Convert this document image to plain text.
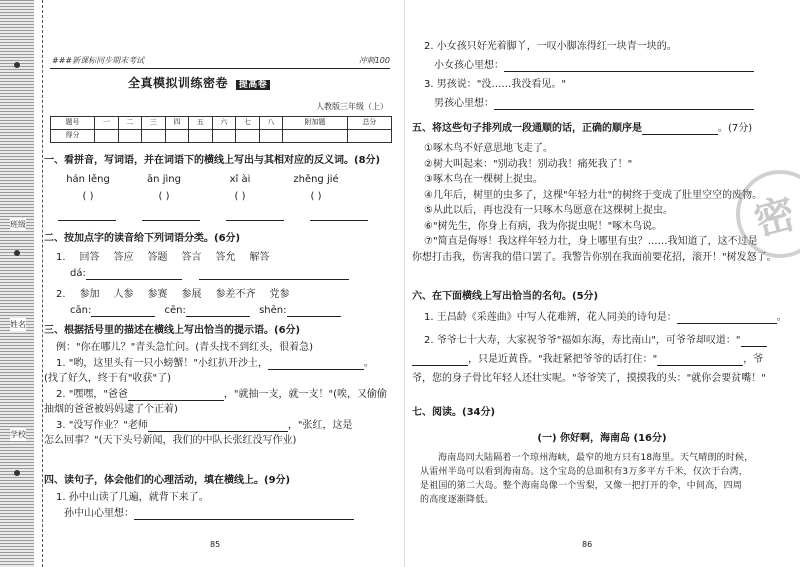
班级
姓名
学校
###新课标同步期末考试	冲刺100
全真模拟训练密卷 提高卷
人教版三年级（上）
题号	一	二	三	四	五	六	七	八	附加题	总分
得分										
一、看拼音，写词语，并在词语下的横线上写出与其相对应的反义词。(8分)
hán lěng	ān jìng	xǐ ài	zhěng jié
( )	( )	( )	( )
二、按加点字的读音给下列词语分类。(6分)
1. 回答 答应 答题 答言 答允 解答
dá:
2. 参加 人参 参赛 参展 参差不齐 党参
cān:	cēn:	shēn:
三、根据括号里的描述在横线上写出恰当的提示语。(6分)
例："你在哪儿？"青头急忙问。(青头找不到红头，很着急)
1. "哟，这里头有一只小螃蟹！"小红扒开沙土，	。
(找了好久，终于有"收获"了)
2. "嘿嘿，"爸爸	，"就抽一支，就一支！"(唉，又偷偷
抽烟的爸爸被妈妈逮了个正着)
3. "没写作业？"老师	，"张红，这是
怎么回事？"(天下头号新闻，我们的中队长张红没写作业)
四、读句子，体会他们的心理活动，填在横线上。(9分)
1. 孙中山读了几遍，就背下来了。
孙中山心里想：
85
2. 小女孩只好光着脚丫，一叹小脚冻得红一块青一块的。
小女孩心里想：
3. 男孩说："没……我没看见。"
男孩心里想：
五、将这些句子排列成一段通顺的话，正确的顺序是	。(7分)
①啄木鸟不好意思地飞走了。
②树大叫起来："别动我！别动我！痛死我了！"
③啄木鸟在一棵树上捉虫。
④几年后，树里的虫多了，这棵"年轻力壮"的树终于变成了肚里空空的废物。
⑤从此以后，再也没有一只啄木鸟愿意在这棵树上捉虫。
⑥"树先生，你身上有病，我为你捉虫呢！"啄木鸟说。
⑦"简直是侮辱！我这样年轻力壮，身上哪里有虫？……我知道了，这不过是
你想打击我，伤害我的借口罢了。我警告你别在我面前要花招，滚开！"树发怒了。
六、在下面横线上写出恰当的名句。(5分)
1. 王昌龄《采莲曲》中写人花难辨，花人同美的诗句是：	。
2. 爷爷七十大寿，大家祝爷爷"福如东海，寿比南山"，可爷爷却叹道："
，只是近黄昏。"我赶紧把爷爷的话打住："	，爷
爷，您的身子骨比年轻人还壮实呢。"爷爷笑了，摸摸我的头："就你会要贫嘴！"
七、阅读。(34分)
(一) 你好啊，海南岛 (16分)
海南岛同大陆隔着一个琼州海峡，最窄的地方只有18海里。天气晴朗的时候，
从雷州半岛可以看到海南岛。这个宝岛的总面积有3万多平方千米，仅次于台湾，
是祖国的第二大岛。整个海南岛像一个雪梨，又像一把打开的伞，中间高，四周
的高度逐渐降低。
86
密
